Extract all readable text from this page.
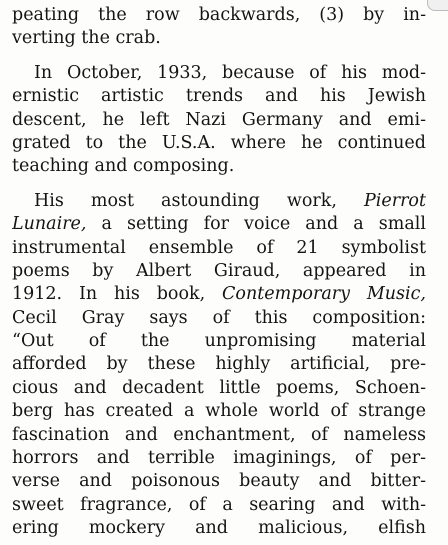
peating the row backwards, (3) by in-
verting the crab.

In October, 1933, because of his mod-
ernistic artistic trends and his Jewish
descent, he left Nazi Germany and emi-
grated to the U.S.A. where he continued
teaching and composing.

His most astounding work, Pierrot
Lunaire, a setting for voice and a small
instrumental ensemble of 21 symbolist
poems by Albert Giraud, appeared in
1912. In his book, Contemporary Music,
Cecil Gray says of this composition:
“Out of the unpromising material
afforded by these highly artificial, pre-
cious and decadent little poems, Schoen-
berg has created a whole world of strange
fascination and enchantment, of nameless
horrors and terrible imaginings, of per-
verse and poisonous beauty and bitter-
sweet fragrance, of a searing and with-
ering mockery and malicious, elfish
